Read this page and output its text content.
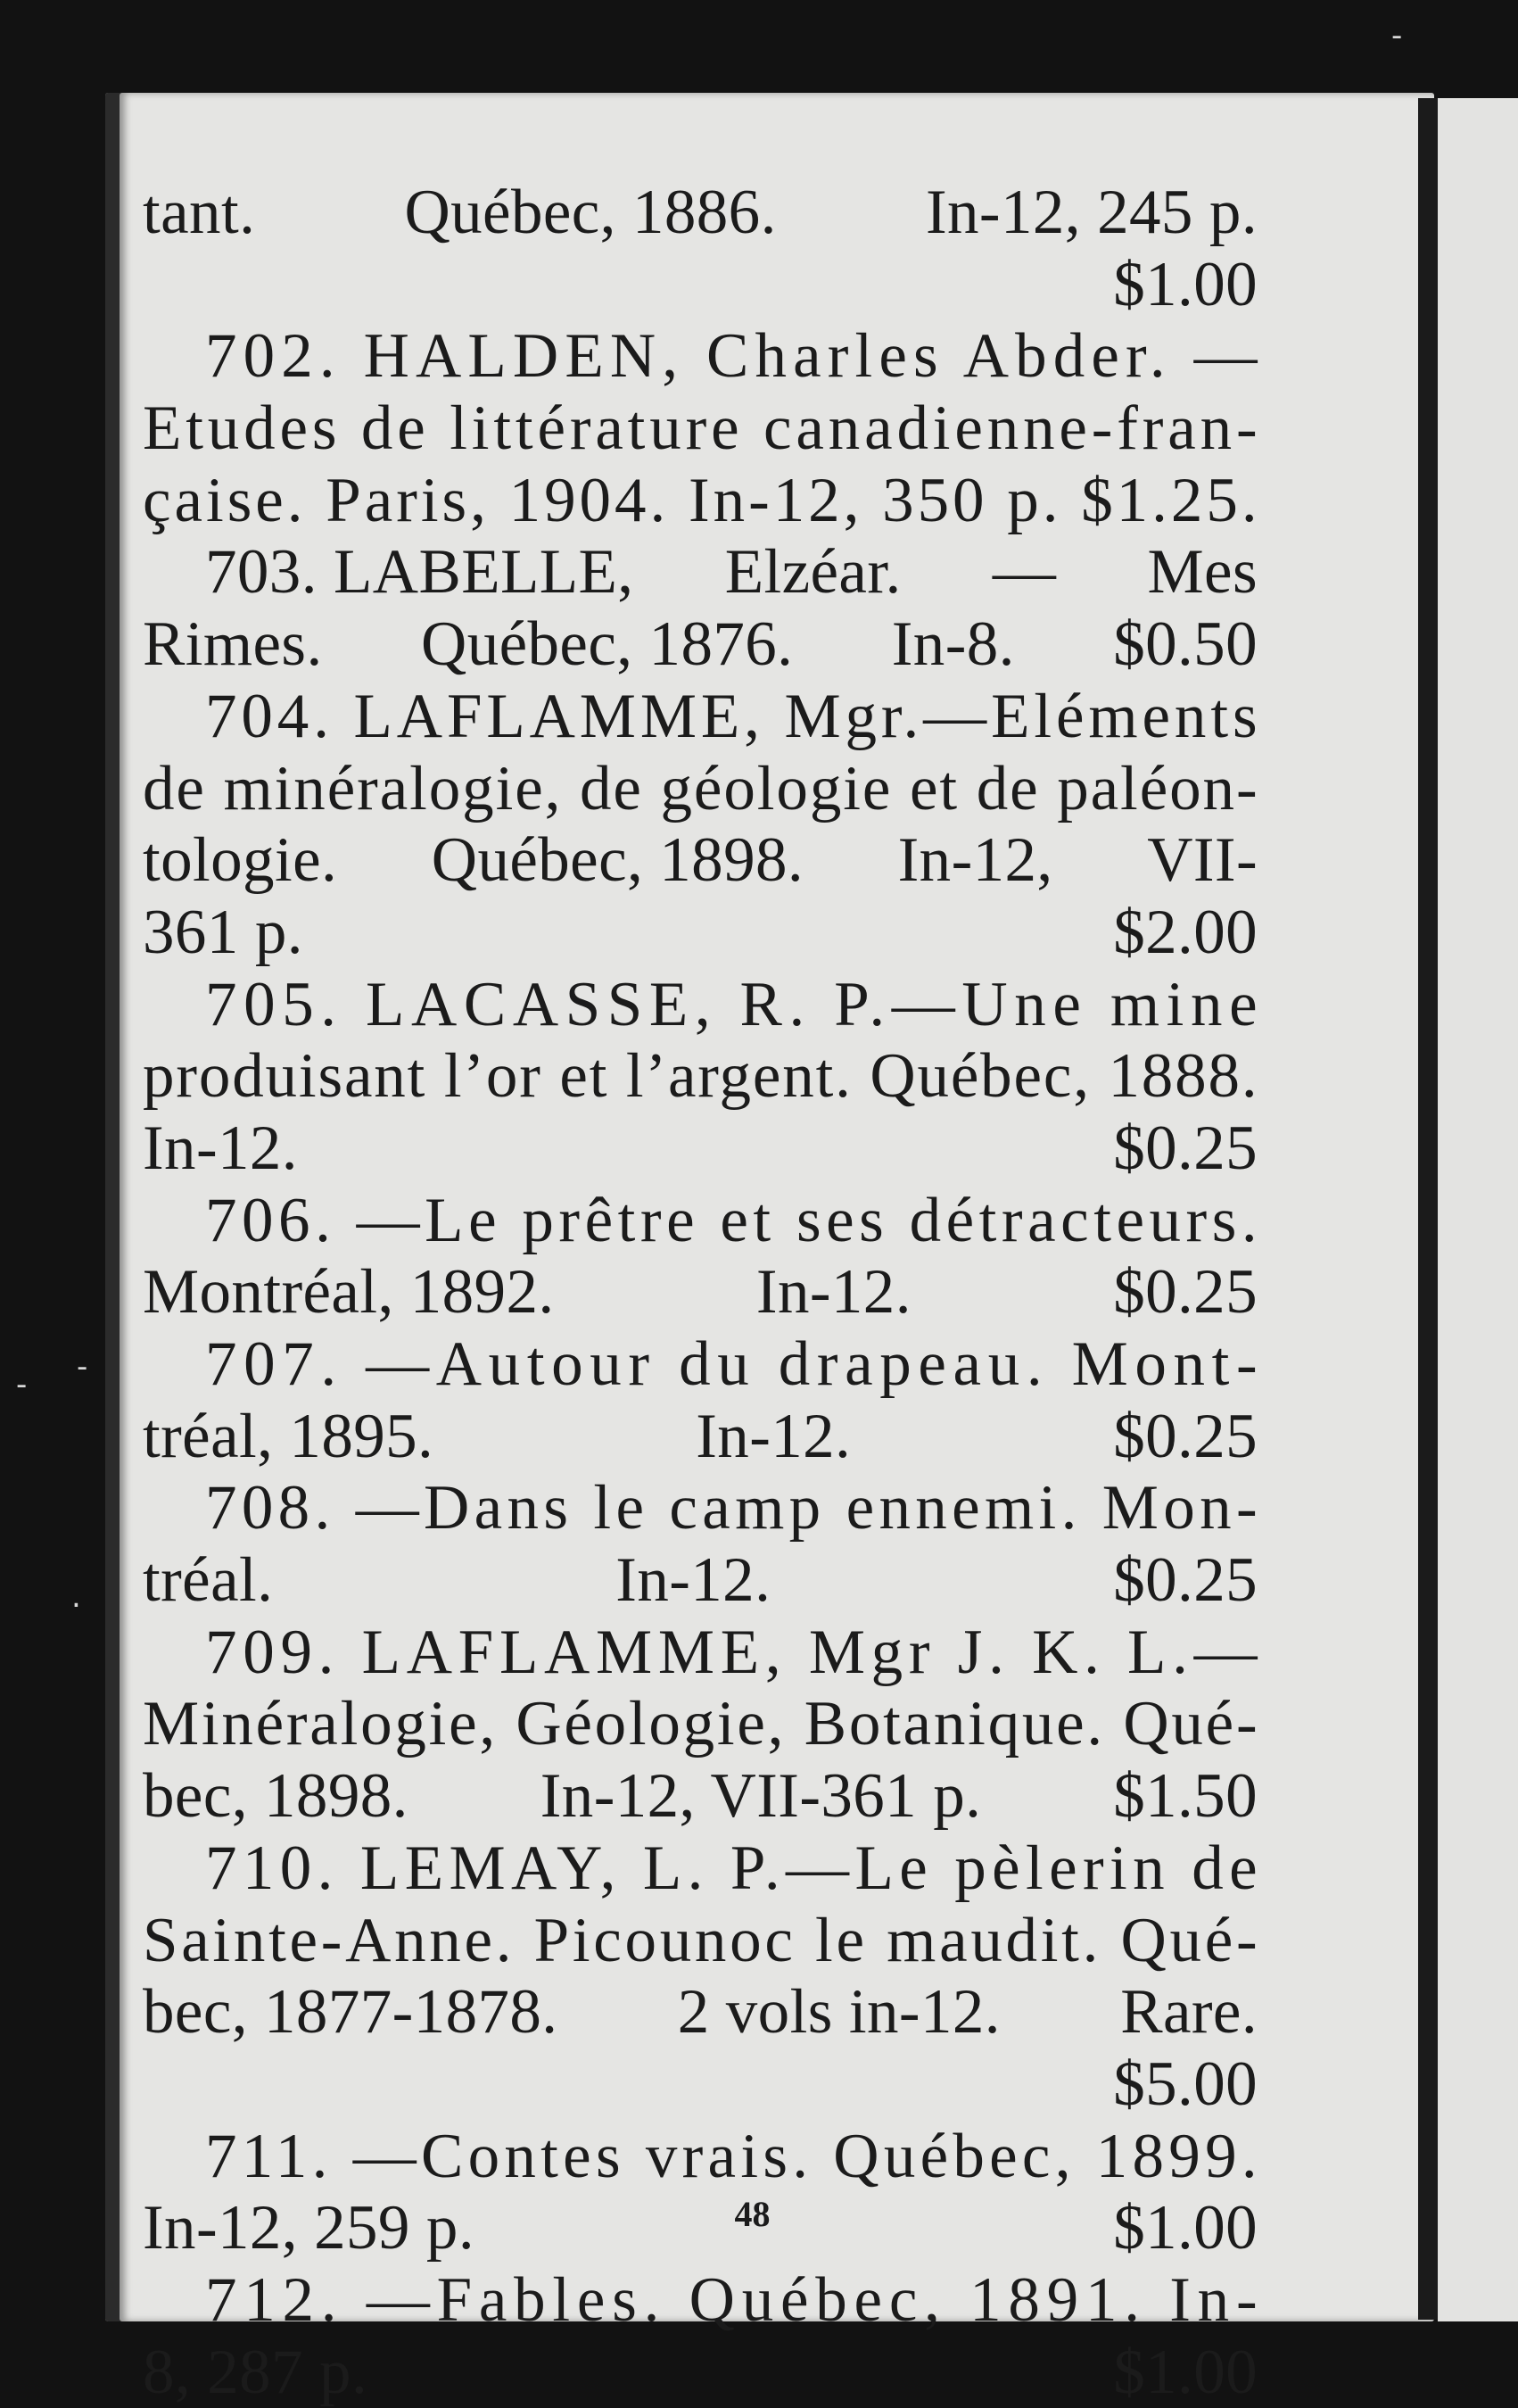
-
- -
.
tant. Québec, 1886. In-12, 245 p.
$1.00
702. HALDEN, Charles Abder. —
Etudes de littérature canadienne-fran-
çaise. Paris, 1904. In-12, 350 p. $1.25.
703. LABELLE, Elzéar. — Mes
Rimes. Québec, 1876. In-8. $0.50
704. LAFLAMME, Mgr.—Eléments
de minéralogie, de géologie et de paléon-
tologie. Québec, 1898. In-12, VII-
361 p.	$2.00
705. LACASSE, R. P.—Une mine
produisant l’or et l’argent. Québec, 1888.
In-12.	$0.25
706. —Le prêtre et ses détracteurs.
Montréal, 1892.	In-12.	$0.25
707. —Autour du drapeau. Mont-
tréal, 1895.	In-12.	$0.25
708. —Dans le camp ennemi. Mon-
tréal.	In-12.	$0.25
709. LAFLAMME, Mgr J. K. L.—
Minéralogie, Géologie, Botanique. Qué-
bec, 1898. In-12, VII-361 p. $1.50
710. LEMAY, L. P.—Le pèlerin de
Sainte-Anne. Picounoc le maudit. Qué-
bec, 1877-1878. 2 vols in-12. Rare.
$5.00
711. —Contes vrais. Québec, 1899.
In-12, 259 p.	$1.00
712. —Fables. Québec, 1891. In-
8, 287 p.	$1.00
48
